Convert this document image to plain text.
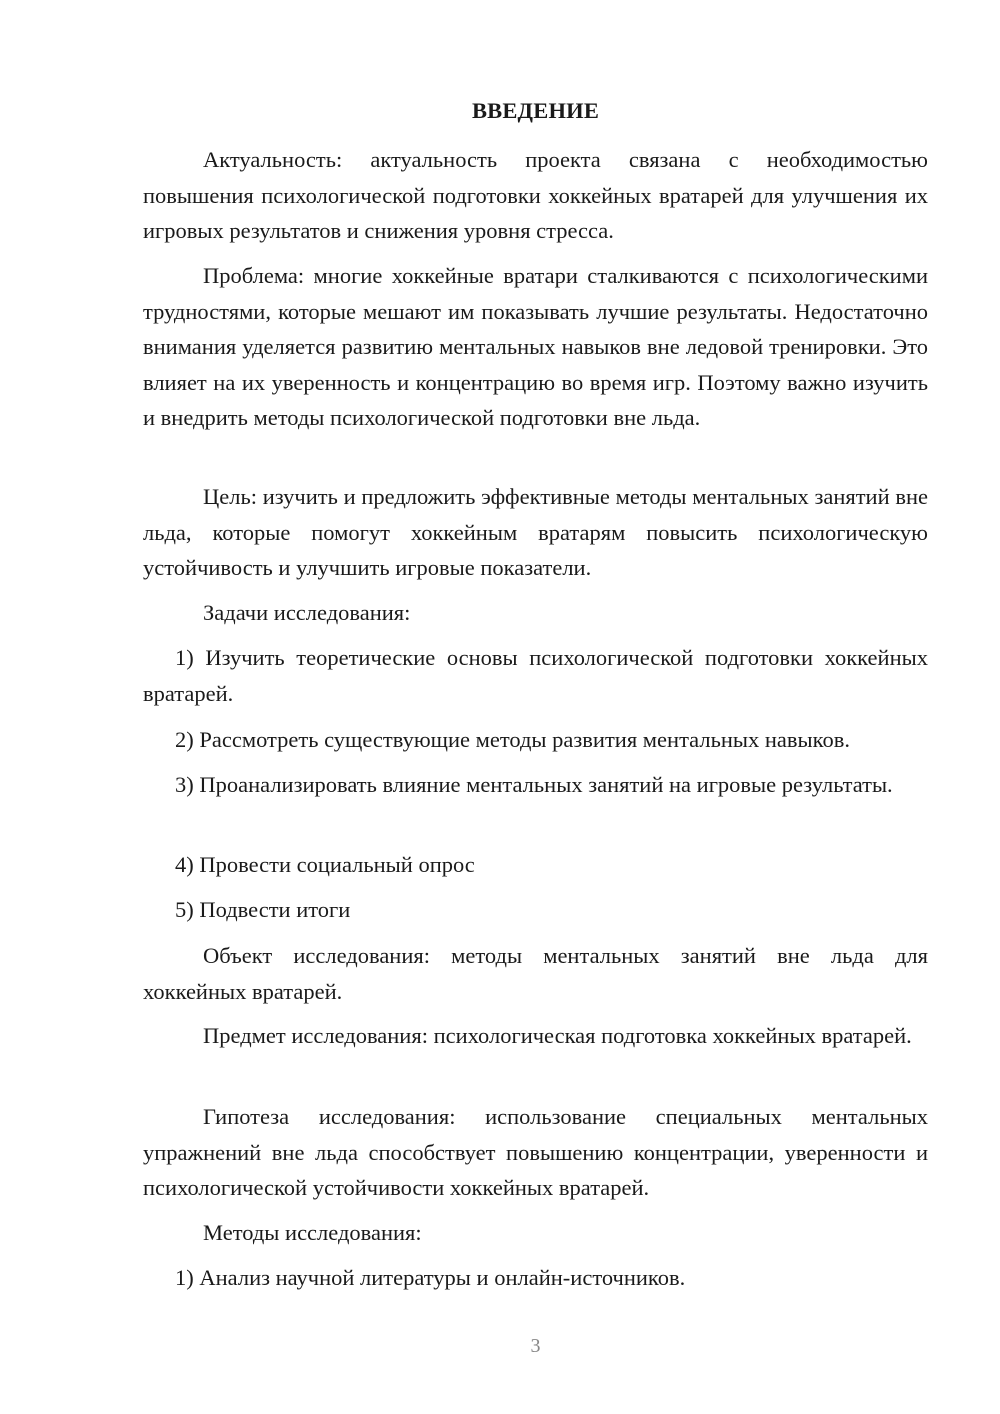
ВВЕДЕНИЕ

Актуальность: актуальность проекта связана с необходимостью повышения психологической подготовки хоккейных вратарей для улучшения их игровых результатов и снижения уровня стресса.

Проблема: многие хоккейные вратари сталкиваются с психологическими трудностями, которые мешают им показывать лучшие результаты. Недостаточно внимания уделяется развитию ментальных навыков вне ледовой тренировки. Это влияет на их уверенность и концентрацию во время игр. Поэтому важно изучить и внедрить методы психологической подготовки вне льда.

Цель: изучить и предложить эффективные методы ментальных занятий вне льда, которые помогут хоккейным вратарям повысить психологическую устойчивость и улучшить игровые показатели.

Задачи исследования:

1) Изучить теоретические основы психологической подготовки хоккейных вратарей.

2) Рассмотреть существующие методы развития ментальных навыков.

3) Проанализировать влияние ментальных занятий на игровые результаты.

4) Провести социальный опрос

5) Подвести итоги

Объект исследования: методы ментальных занятий вне льда для хоккейных вратарей.

Предмет исследования: психологическая подготовка хоккейных вратарей.

Гипотеза исследования: использование специальных ментальных упражнений вне льда способствует повышению концентрации, уверенности и психологической устойчивости хоккейных вратарей.

Методы исследования:

1) Анализ научной литературы и онлайн-источников.

3
